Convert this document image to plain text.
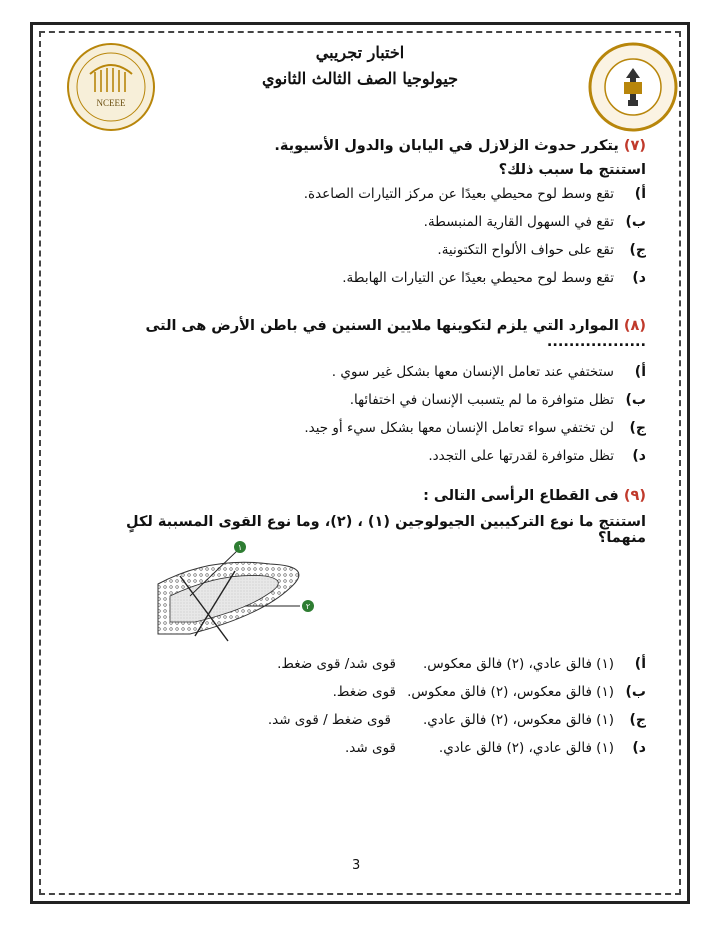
NCEEE
اختبار تجريبي
جيولوجيا الصف الثالث الثانوي
(٧) يتكرر حدوث الزلازل في اليابان والدول الأسيوية.
استنتج ما سبب ذلك؟
أ)
تقع وسط لوح محيطي بعيدًا عن مركز التيارات الصاعدة.
ب)
تقع في السهول القارية المنبسطة.
ج)
تقع على حواف الألواح التكتونية.
د)
تقع وسط لوح محيطي بعيدًا عن التيارات الهابطة.
(٨) الموارد التي يلزم لتكوينها ملايين السنين في باطن الأرض هى التى ..................
أ)
ستختفي عند تعامل الإنسان معها بشكل غير سوي .
ب)
تظل متوافرة ما لم يتسبب الإنسان في اختفائها.
ج)
لن تختفي سواء تعامل الإنسان معها بشكل سيء أو جيد.
د)
تظل متوافرة لقدرتها على التجدد.
(٩) فى القطاع الرأسى التالى :
استنتج ما نوع التركيبين الجيولوجين (١) ، (٢)، وما نوع القوى المسببة لكلٍ منهما؟
١
٢
أ)
(١) فالق عادي، (٢) فالق معكوس.
قوى شد/ قوى ضغط.
ب)
(١) فالق معكوس، (٢) فالق معكوس.
قوى ضغط.
ج)
(١) فالق معكوس، (٢) فالق عادي.
قوى ضغط / قوى شد.
د)
(١) فالق عادي، (٢) فالق عادي.
قوى شد.
3
